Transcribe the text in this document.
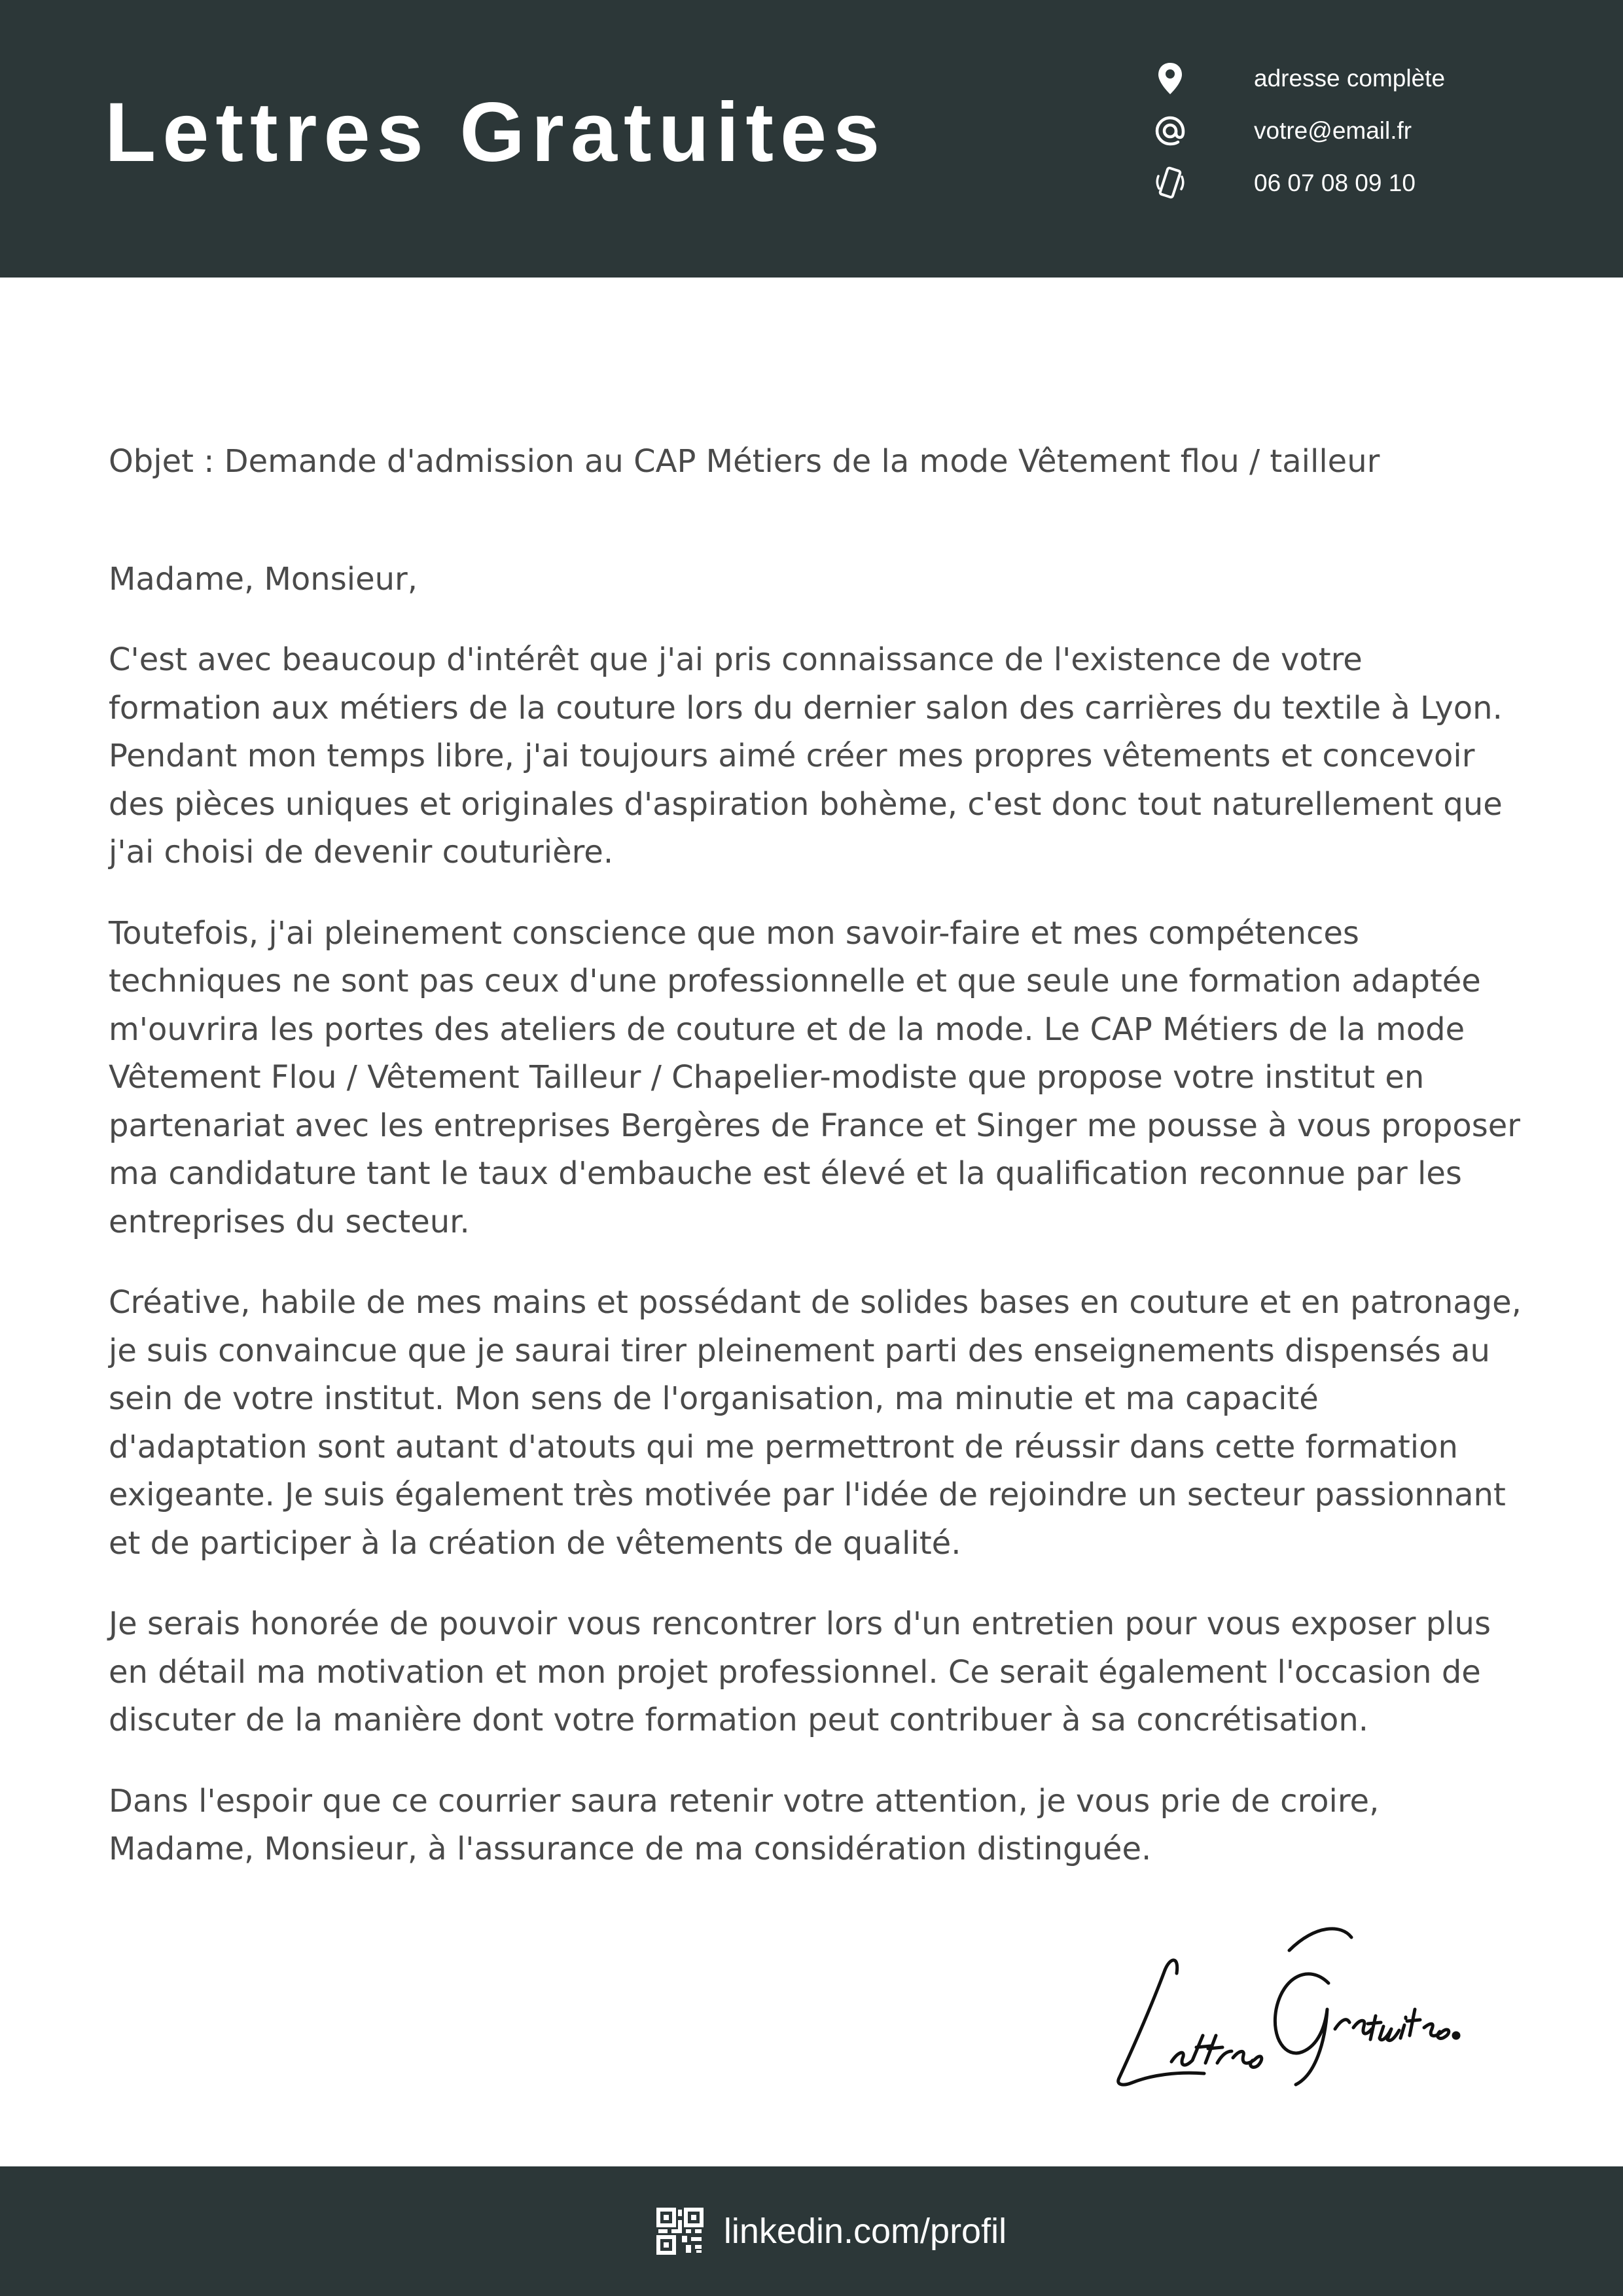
Lettres Gratuites
adresse complète
votre@email.fr
06 07 08 09 10

Objet : Demande d'admission au CAP Métiers de la mode Vêtement flou / tailleur

Madame, Monsieur,

C'est avec beaucoup d'intérêt que j'ai pris connaissance de l'existence de votre formation aux métiers de la couture lors du dernier salon des carrières du textile à Lyon. Pendant mon temps libre, j'ai toujours aimé créer mes propres vêtements et concevoir des pièces uniques et originales d'aspiration bohème, c'est donc tout naturellement que j'ai choisi de devenir couturière.

Toutefois, j'ai pleinement conscience que mon savoir-faire et mes compétences techniques ne sont pas ceux d'une professionnelle et que seule une formation adaptée m'ouvrira les portes des ateliers de couture et de la mode. Le CAP Métiers de la mode Vêtement Flou / Vêtement Tailleur / Chapelier-modiste que propose votre institut en partenariat avec les entreprises Bergères de France et Singer me pousse à vous proposer ma candidature tant le taux d'embauche est élevé et la qualification reconnue par les entreprises du secteur.

Créative, habile de mes mains et possédant de solides bases en couture et en patronage, je suis convaincue que je saurai tirer pleinement parti des enseignements dispensés au sein de votre institut. Mon sens de l'organisation, ma minutie et ma capacité d'adaptation sont autant d'atouts qui me permettront de réussir dans cette formation exigeante. Je suis également très motivée par l'idée de rejoindre un secteur passionnant et de participer à la création de vêtements de qualité.

Je serais honorée de pouvoir vous rencontrer lors d'un entretien pour vous exposer plus en détail ma motivation et mon projet professionnel. Ce serait également l'occasion de discuter de la manière dont votre formation peut contribuer à sa concrétisation.

Dans l'espoir que ce courrier saura retenir votre attention, je vous prie de croire, Madame, Monsieur, à l'assurance de ma considération distinguée.

linkedin.com/profil
